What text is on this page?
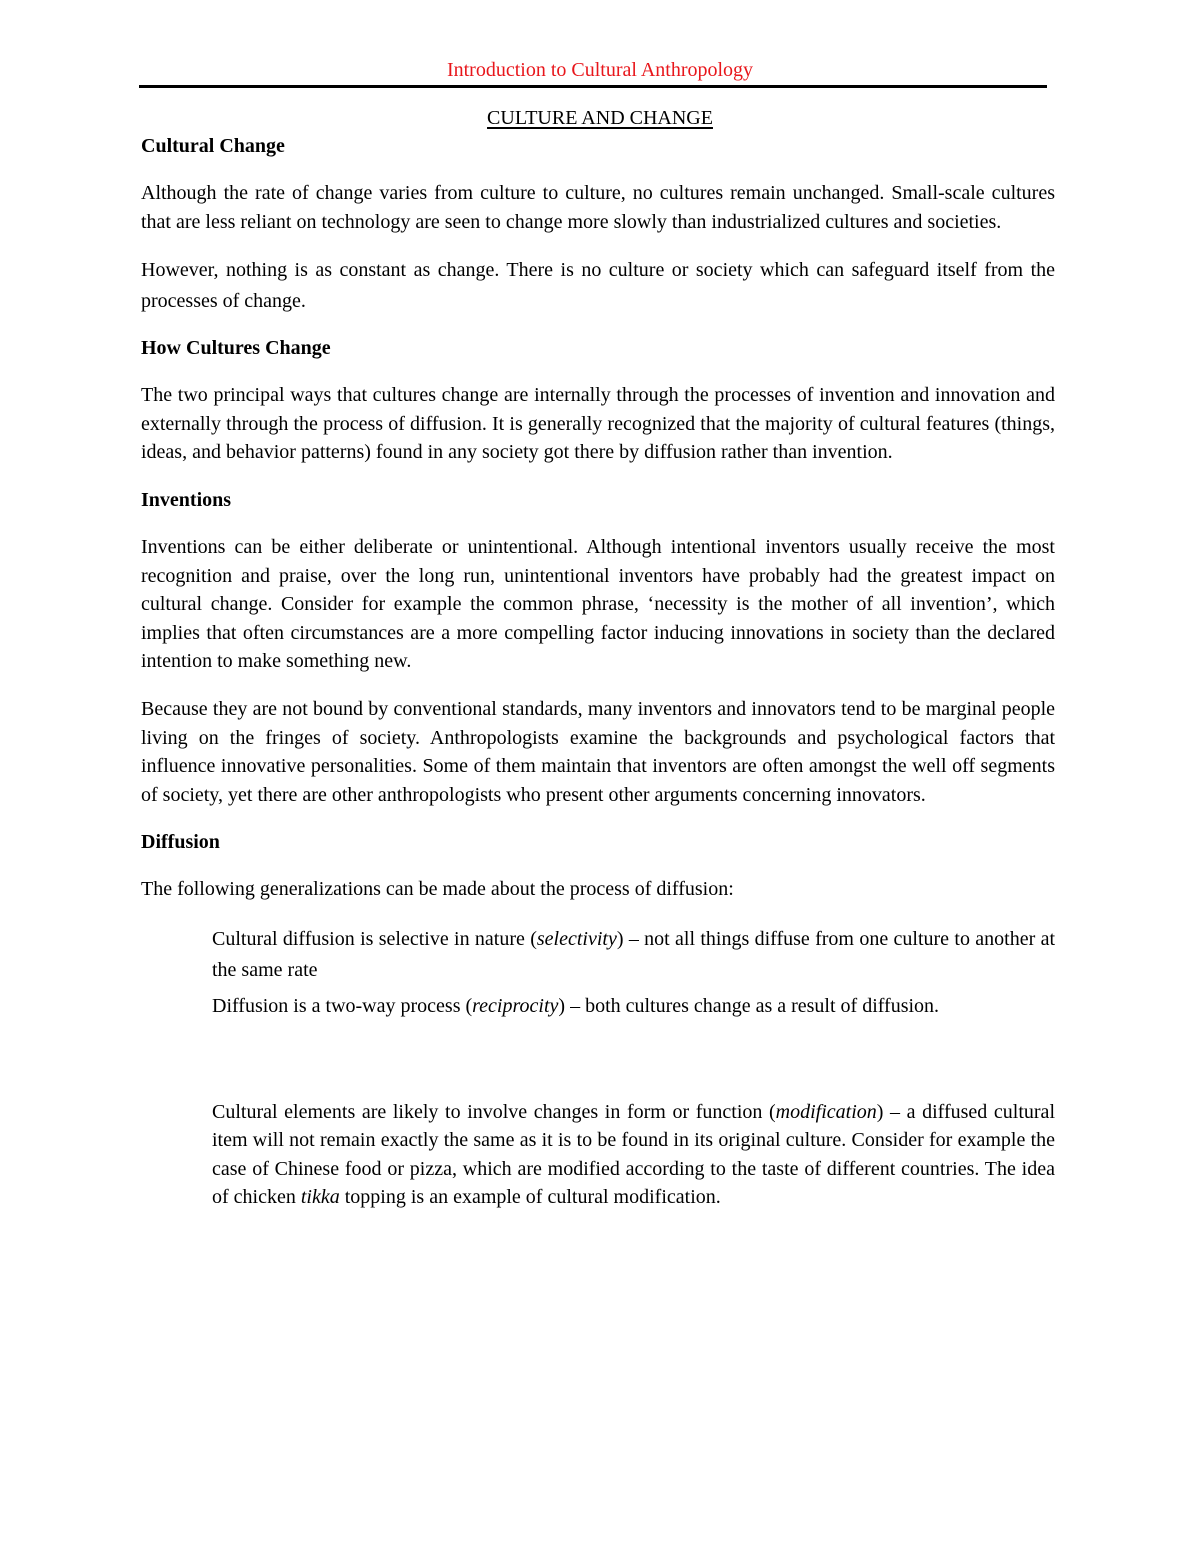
Introduction to Cultural Anthropology
CULTURE AND CHANGE
Cultural Change

Although the rate of change varies from culture to culture, no cultures remain unchanged. Small-scale cultures that are less reliant on technology are seen to change more slowly than industrialized cultures and societies.

However, nothing is as constant as change. There is no culture or society which can safeguard itself from the processes of change.

How Cultures Change

The two principal ways that cultures change are internally through the processes of invention and innovation and externally through the process of diffusion. It is generally recognized that the majority of cultural features (things, ideas, and behavior patterns) found in any society got there by diffusion rather than invention.

Inventions

Inventions can be either deliberate or unintentional. Although intentional inventors usually receive the most recognition and praise, over the long run, unintentional inventors have probably had the greatest impact on cultural change. Consider for example the common phrase, ‘necessity is the mother of all invention’, which implies that often circumstances are a more compelling factor inducing innovations in society than the declared intention to make something new.

Because they are not bound by conventional standards, many inventors and innovators tend to be marginal people living on the fringes of society. Anthropologists examine the backgrounds and psychological factors that influence innovative personalities. Some of them maintain that inventors are often amongst the well off segments of society, yet there are other anthropologists who present other arguments concerning innovators.

Diffusion

The following generalizations can be made about the process of diffusion:

Cultural diffusion is selective in nature (selectivity) – not all things diffuse from one culture to another at the same rate
Diffusion is a two-way process (reciprocity) – both cultures change as a result of diffusion.
Cultural elements are likely to involve changes in form or function (modification) – a diffused cultural item will not remain exactly the same as it is to be found in its original culture. Consider for example the case of Chinese food or pizza, which are modified according to the taste of different countries. The idea of chicken tikka topping is an example of cultural modification.
